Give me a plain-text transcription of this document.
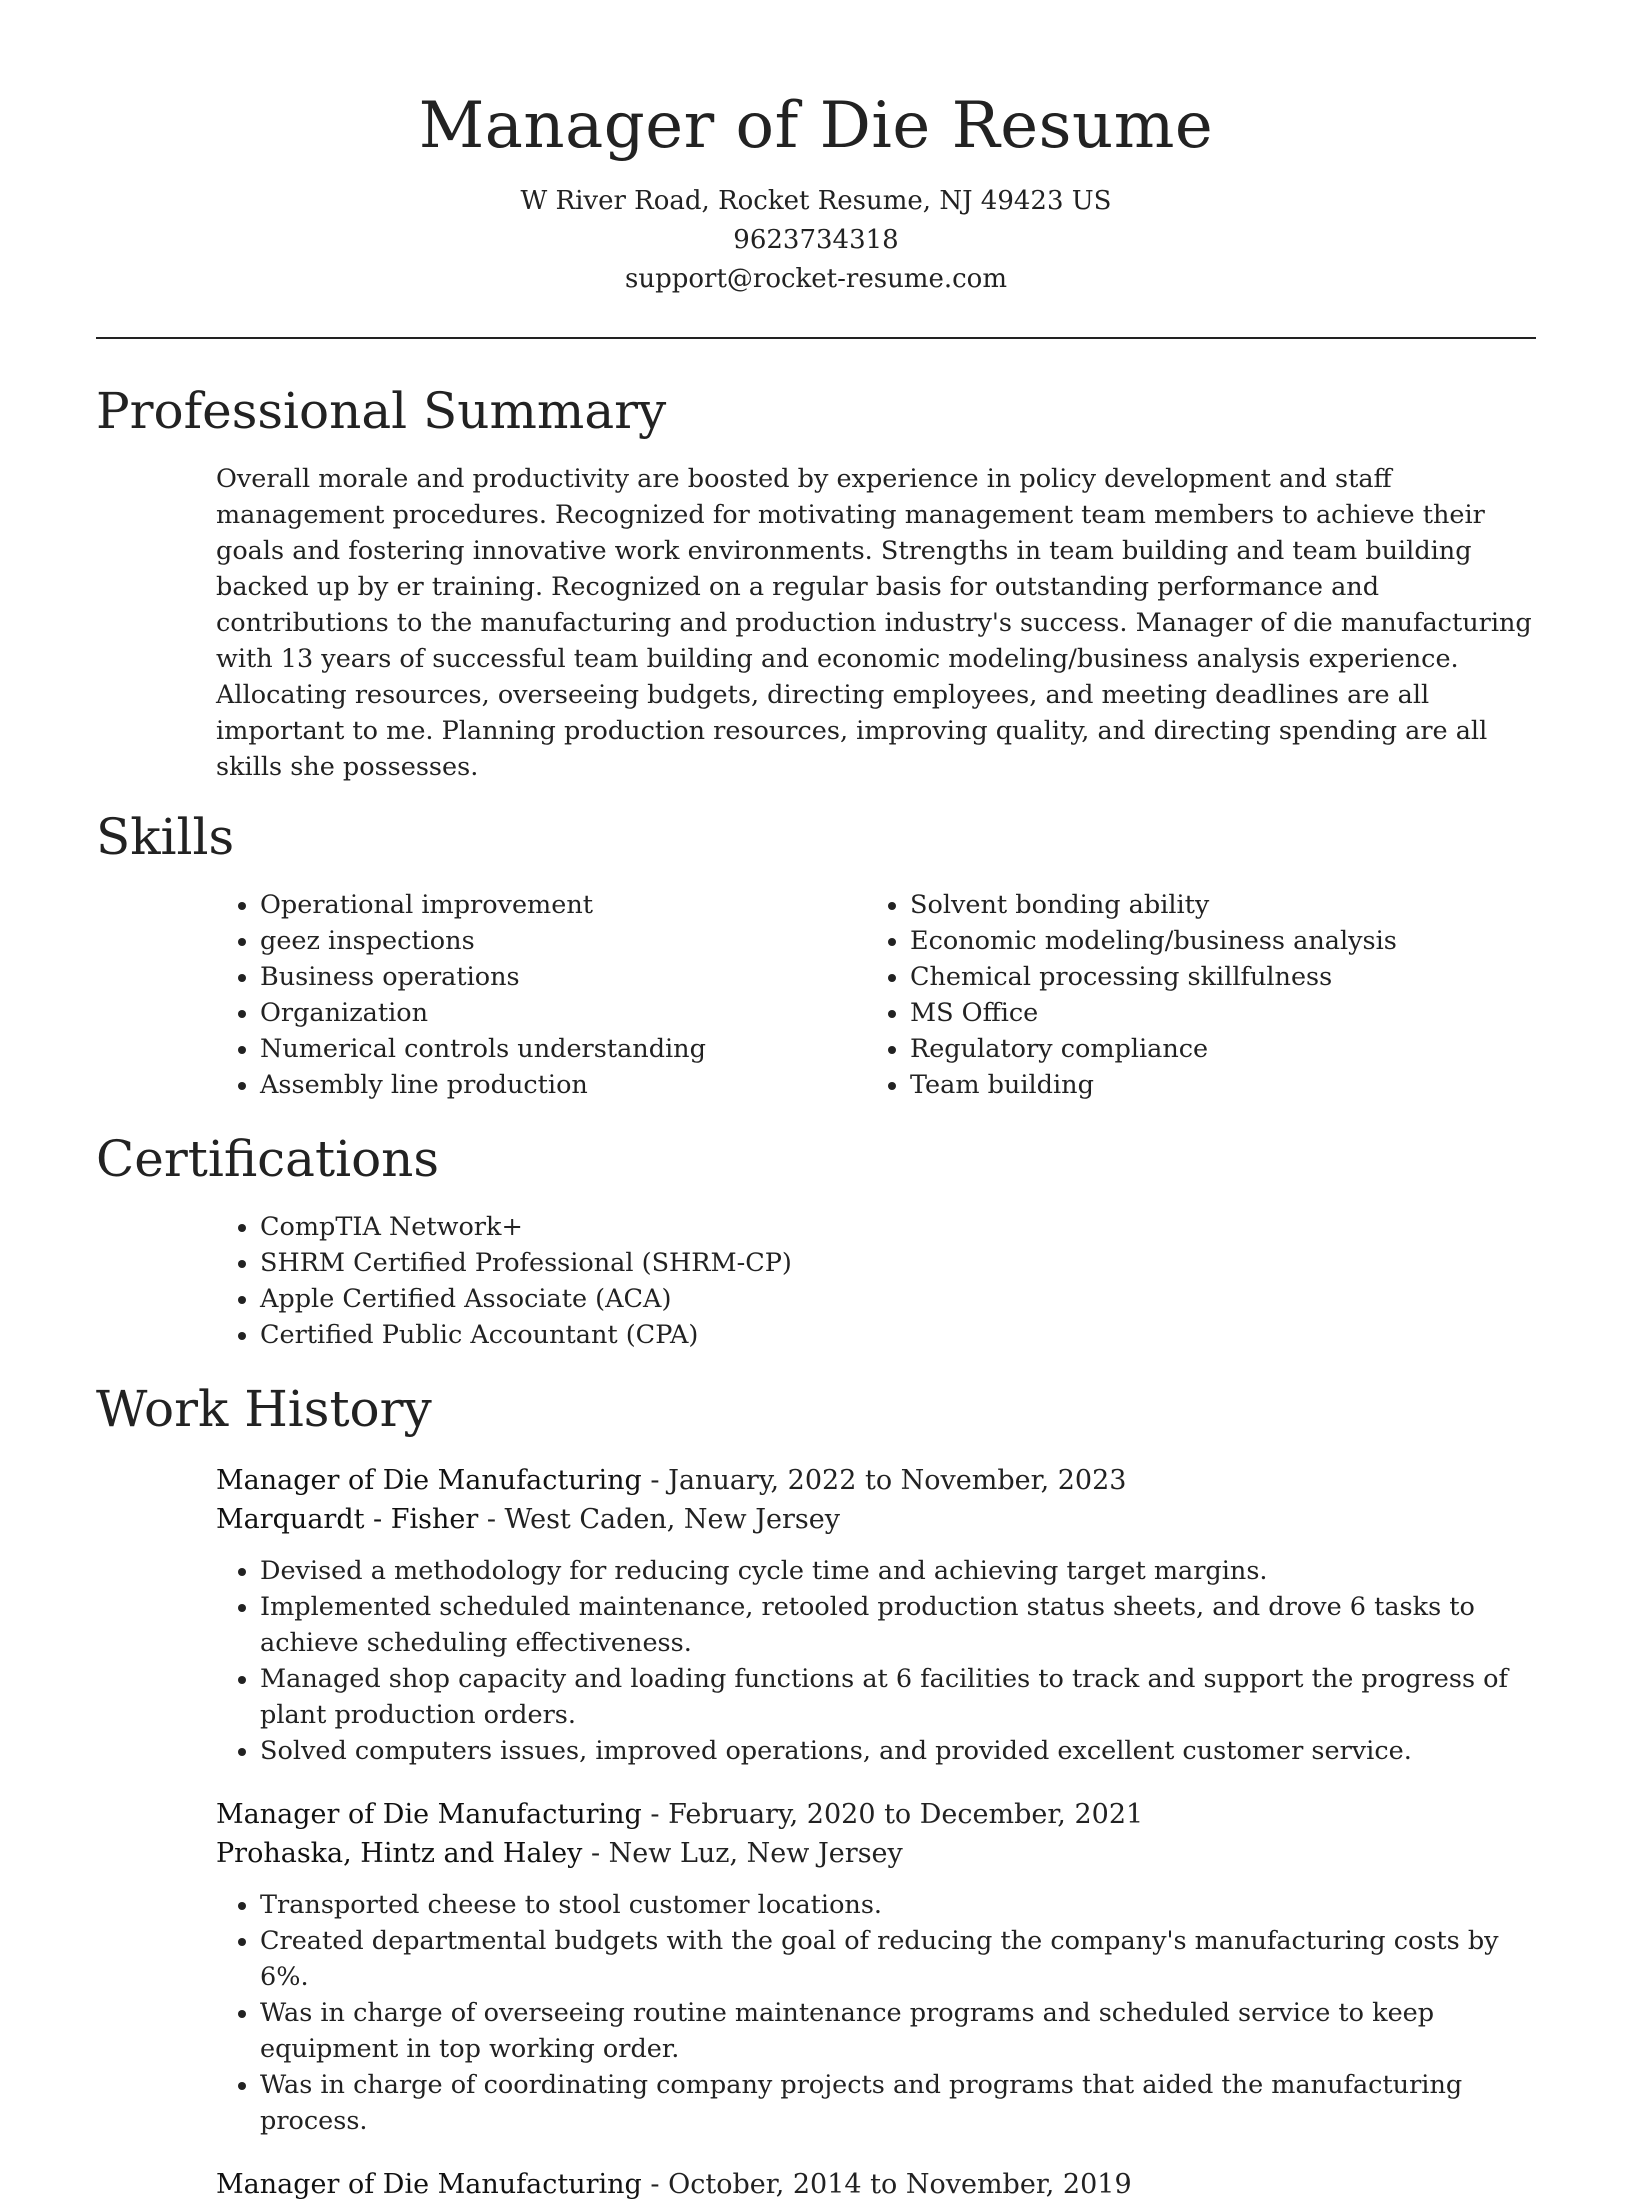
Manager of Die Resume
W River Road, Rocket Resume, NJ 49423 US
9623734318
support@rocket-resume.com
Professional Summary

Overall morale and productivity are boosted by experience in policy development and staff management procedures. Recognized for motivating management team members to achieve their goals and fostering innovative work environments. Strengths in team building and team building backed up by er training. Recognized on a regular basis for outstanding performance and contributions to the manufacturing and production industry's success. Manager of die manufacturing with 13 years of successful team building and economic modeling/business analysis experience. Allocating resources, overseeing budgets, directing employees, and meeting deadlines are all important to me. Planning production resources, improving quality, and directing spending are all skills she possesses.

Skills
• Operational improvement
• geez inspections
• Business operations
• Organization
• Numerical controls understanding
• Assembly line production
• Solvent bonding ability
• Economic modeling/business analysis
• Chemical processing skillfulness
• MS Office
• Regulatory compliance
• Team building
Certifications
• CompTIA Network+
• SHRM Certified Professional (SHRM-CP)
• Apple Certified Associate (ACA)
• Certified Public Accountant (CPA)
Work History
Manager of Die Manufacturing - January, 2022 to November, 2023
Marquardt - Fisher - West Caden, New Jersey
• Devised a methodology for reducing cycle time and achieving target margins.
• Implemented scheduled maintenance, retooled production status sheets, and drove 6 tasks to achieve scheduling effectiveness.
• Managed shop capacity and loading functions at 6 facilities to track and support the progress of plant production orders.
• Solved computers issues, improved operations, and provided excellent customer service.
Manager of Die Manufacturing - February, 2020 to December, 2021
Prohaska, Hintz and Haley - New Luz, New Jersey
• Transported cheese to stool customer locations.
• Created departmental budgets with the goal of reducing the company's manufacturing costs by 6%.
• Was in charge of overseeing routine maintenance programs and scheduled service to keep equipment in top working order.
• Was in charge of coordinating company projects and programs that aided the manufacturing process.
Manager of Die Manufacturing - October, 2014 to November, 2019
